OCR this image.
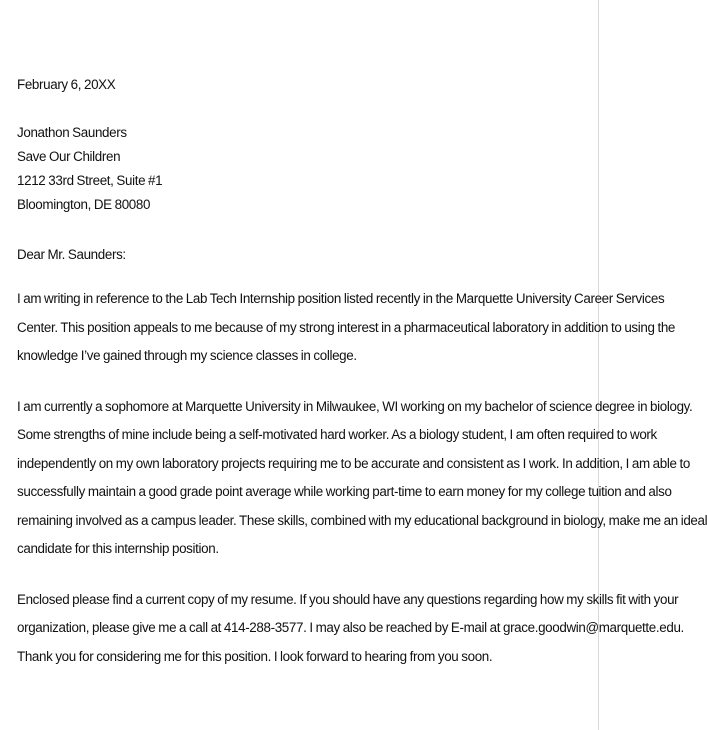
February 6, 20XX
Jonathon Saunders
Save Our Children
1212 33rd Street, Suite #1
Bloomington, DE 80080
Dear Mr. Saunders:
I am writing in reference to the Lab Tech Internship position listed recently in the Marquette University Career Services
Center. This position appeals to me because of my strong interest in a pharmaceutical laboratory in addition to using the
knowledge I’ve gained through my science classes in college.
I am currently a sophomore at Marquette University in Milwaukee, WI working on my bachelor of science degree in biology.
Some strengths of mine include being a self-motivated hard worker. As a biology student, I am often required to work
independently on my own laboratory projects requiring me to be accurate and consistent as I work. In addition, I am able to
successfully maintain a good grade point average while working part-time to earn money for my college tuition and also
remaining involved as a campus leader. These skills, combined with my educational background in biology, make me an ideal
candidate for this internship position.
Enclosed please find a current copy of my resume. If you should have any questions regarding how my skills fit with your
organization, please give me a call at 414-288-3577. I may also be reached by E-mail at grace.goodwin@marquette.edu.
Thank you for considering me for this position. I look forward to hearing from you soon.
